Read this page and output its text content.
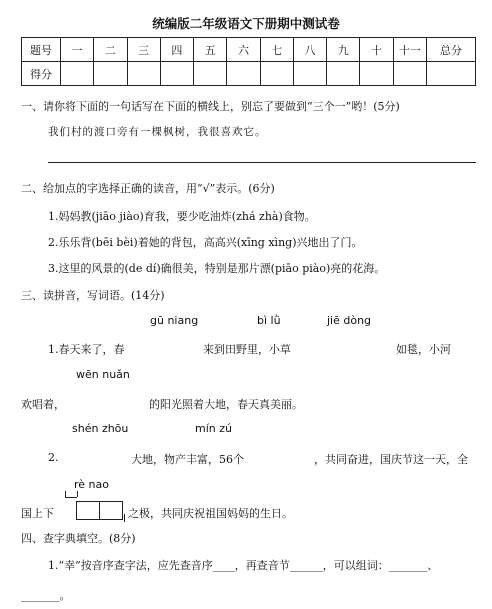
统编版二年级语文下册期中测试卷
题号	一	二	三	四	五	六	七	八	九	十	十一	总分
得分												
一、请你将下面的一句话写在下面的横线上，别忘了要做到“三个一”哟！(5分)
我们村的渡口旁有一棵枫树，我很喜欢它。
二、给加点的字选择正确的读音，用“√”表示。(6分)
1.妈妈教(jiāo jiào)育我，要少吃油炸(zhá zhà)食物。
2.乐乐背(bēi bèi)着她的背包，高高兴(xīng xìng)兴地出了门。
3.这里的风景的(de dí)确很美，特别是那片漂(piāo piào)亮的花海。
三、读拼音，写词语。(14分)
gū niang	bì lǜ	jiē dòng
1.春天来了，春	来到田野里，小草	如毯，小河
wēn nuǎn
欢唱着，	的阳光照着大地，春天真美丽。
shén zhōu	mín zú
2.	大地，物产丰富，56个	，共同奋进，国庆节这一天，全
rè nao
国上下	之极，共同庆祝祖国妈妈的生日。
四、查字典填空。(8分)
1.“幸”按音序查字法，应先查音序____，再查音节______，可以组词：_______、
_______。
